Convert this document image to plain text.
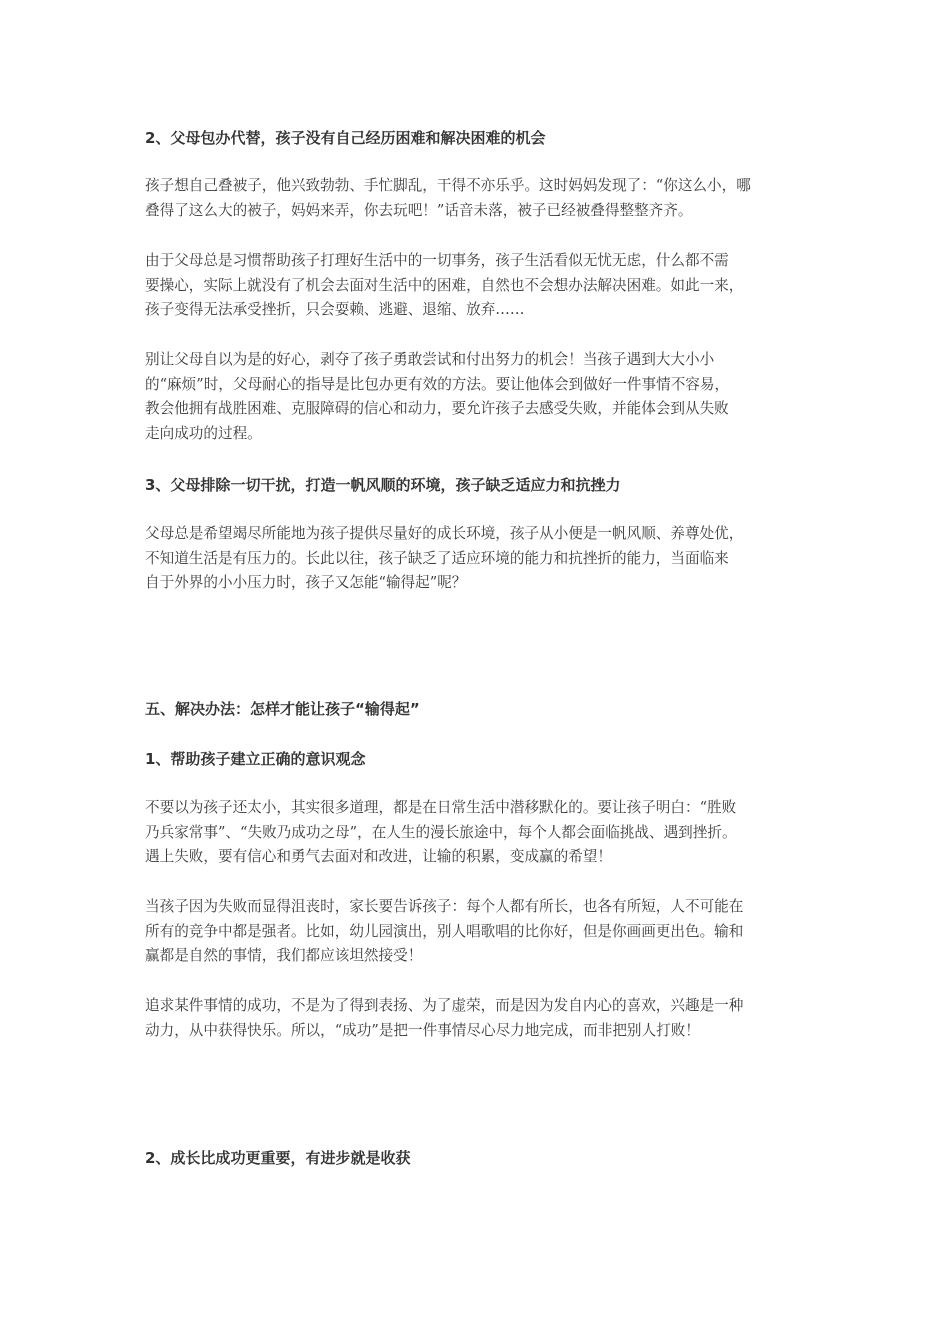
2、父母包办代替，孩子没有自己经历困难和解决困难的机会
孩子想自己叠被子，他兴致勃勃、手忙脚乱，干得不亦乐乎。这时妈妈发现了：“你这么小，哪
叠得了这么大的被子，妈妈来弄，你去玩吧！”话音未落，被子已经被叠得整整齐齐。
由于父母总是习惯帮助孩子打理好生活中的一切事务，孩子生活看似无忧无虑，什么都不需
要操心，实际上就没有了机会去面对生活中的困难，自然也不会想办法解决困难。如此一来，
孩子变得无法承受挫折，只会耍赖、逃避、退缩、放弃……
别让父母自以为是的好心，剥夺了孩子勇敢尝试和付出努力的机会！当孩子遇到大大小小
的“麻烦”时，父母耐心的指导是比包办更有效的方法。要让他体会到做好一件事情不容易，
教会他拥有战胜困难、克服障碍的信心和动力，要允许孩子去感受失败，并能体会到从失败
走向成功的过程。
3、父母排除一切干扰，打造一帆风顺的环境，孩子缺乏适应力和抗挫力
父母总是希望竭尽所能地为孩子提供尽量好的成长环境，孩子从小便是一帆风顺、养尊处优，
不知道生活是有压力的。长此以往，孩子缺乏了适应环境的能力和抗挫折的能力，当面临来
自于外界的小小压力时，孩子又怎能“输得起”呢？
五、解决办法：怎样才能让孩子“输得起”
1、帮助孩子建立正确的意识观念
不要以为孩子还太小，其实很多道理，都是在日常生活中潜移默化的。要让孩子明白：“胜败
乃兵家常事”、“失败乃成功之母”，在人生的漫长旅途中，每个人都会面临挑战、遇到挫折。
遇上失败，要有信心和勇气去面对和改进，让输的积累，变成赢的希望！
当孩子因为失败而显得沮丧时，家长要告诉孩子：每个人都有所长，也各有所短，人不可能在
所有的竞争中都是强者。比如，幼儿园演出，别人唱歌唱的比你好，但是你画画更出色。输和
赢都是自然的事情，我们都应该坦然接受！
追求某件事情的成功，不是为了得到表扬、为了虚荣，而是因为发自内心的喜欢，兴趣是一种
动力，从中获得快乐。所以，“成功”是把一件事情尽心尽力地完成，而非把别人打败！
2、成长比成功更重要，有进步就是收获
